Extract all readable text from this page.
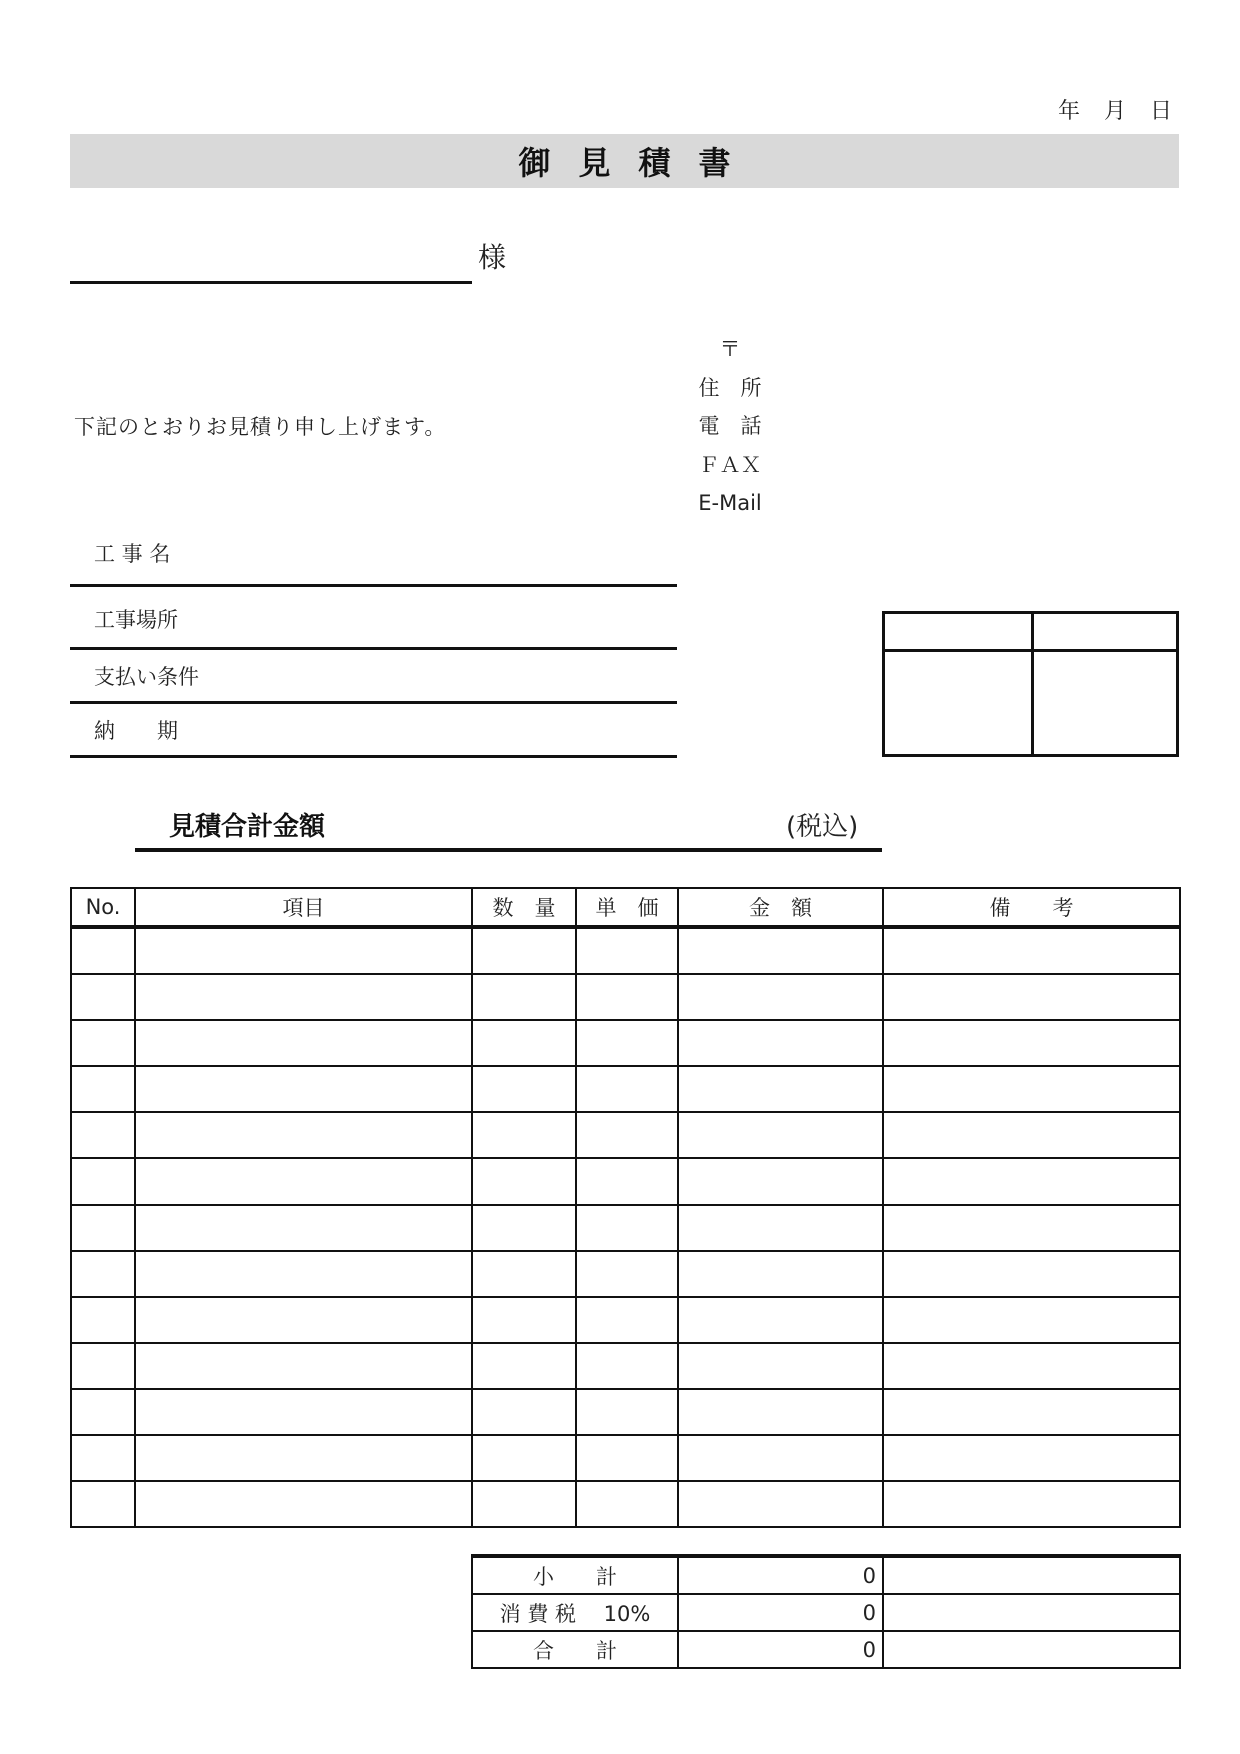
年 月 日
御見積書
様
下記のとおりお見積り申し上げます。
〒
住　所
電　話
ＦＡＸ
E-Mail
工 事 名
工事場所
支払い条件
納　　期
見積合計金額	(税込)
No.	項目	数　量	単　価	金　額	備　　考

小　　計	0	
消 費 税　 10%	0	
合　　計	0	
